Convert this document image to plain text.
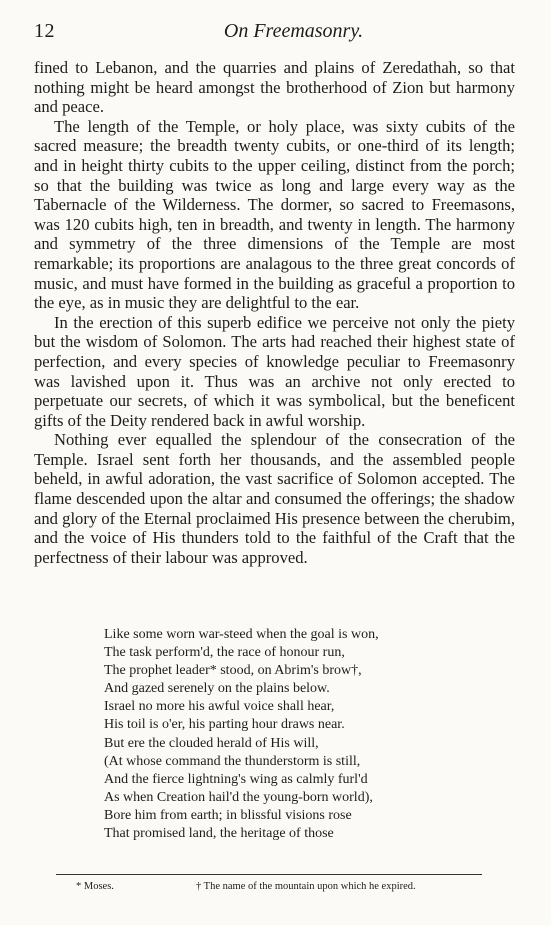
12	On Freemasonry.

fined to Lebanon, and the quarries and plains of Zeredathah, so that nothing might be heard amongst the brotherhood of Zion but harmony and peace.

The length of the Temple, or holy place, was sixty cubits of the sacred measure; the breadth twenty cubits, or one-third of its length; and in height thirty cubits to the upper ceiling, distinct from the porch; so that the building was twice as long and large every way as the Tabernacle of the Wilderness. The dormer, so sacred to Freemasons, was 120 cubits high, ten in breadth, and twenty in length. The harmony and symmetry of the three dimensions of the Temple are most remarkable; its proportions are analagous to the three great concords of music, and must have formed in the building as graceful a proportion to the eye, as in music they are delightful to the ear.

In the erection of this superb edifice we perceive not only the piety but the wisdom of Solomon. The arts had reached their highest state of perfection, and every species of knowledge peculiar to Freemasonry was lavished upon it. Thus was an archive not only erected to perpetuate our secrets, of which it was symbolical, but the beneficent gifts of the Deity rendered back in awful worship.

Nothing ever equalled the splendour of the consecration of the Temple. Israel sent forth her thousands, and the assembled people beheld, in awful adoration, the vast sacrifice of Solomon accepted. The flame descended upon the altar and consumed the offerings; the shadow and glory of the Eternal proclaimed His presence between the cherubim, and the voice of His thunders told to the faithful of the Craft that the perfectness of their labour was approved.

Like some worn war-steed when the goal is won,
The task perform'd, the race of honour run,
The prophet leader* stood, on Abrim's brow†,
And gazed serenely on the plains below.
Israel no more his awful voice shall hear,
His toil is o'er, his parting hour draws near.
But ere the clouded herald of His will,
(At whose command the thunderstorm is still,
And the fierce lightning's wing as calmly furl'd
As when Creation hail'd the young-born world),
Bore him from earth; in blissful visions rose
That promised land, the heritage of those
* Moses.	† The name of the mountain upon which he expired.
